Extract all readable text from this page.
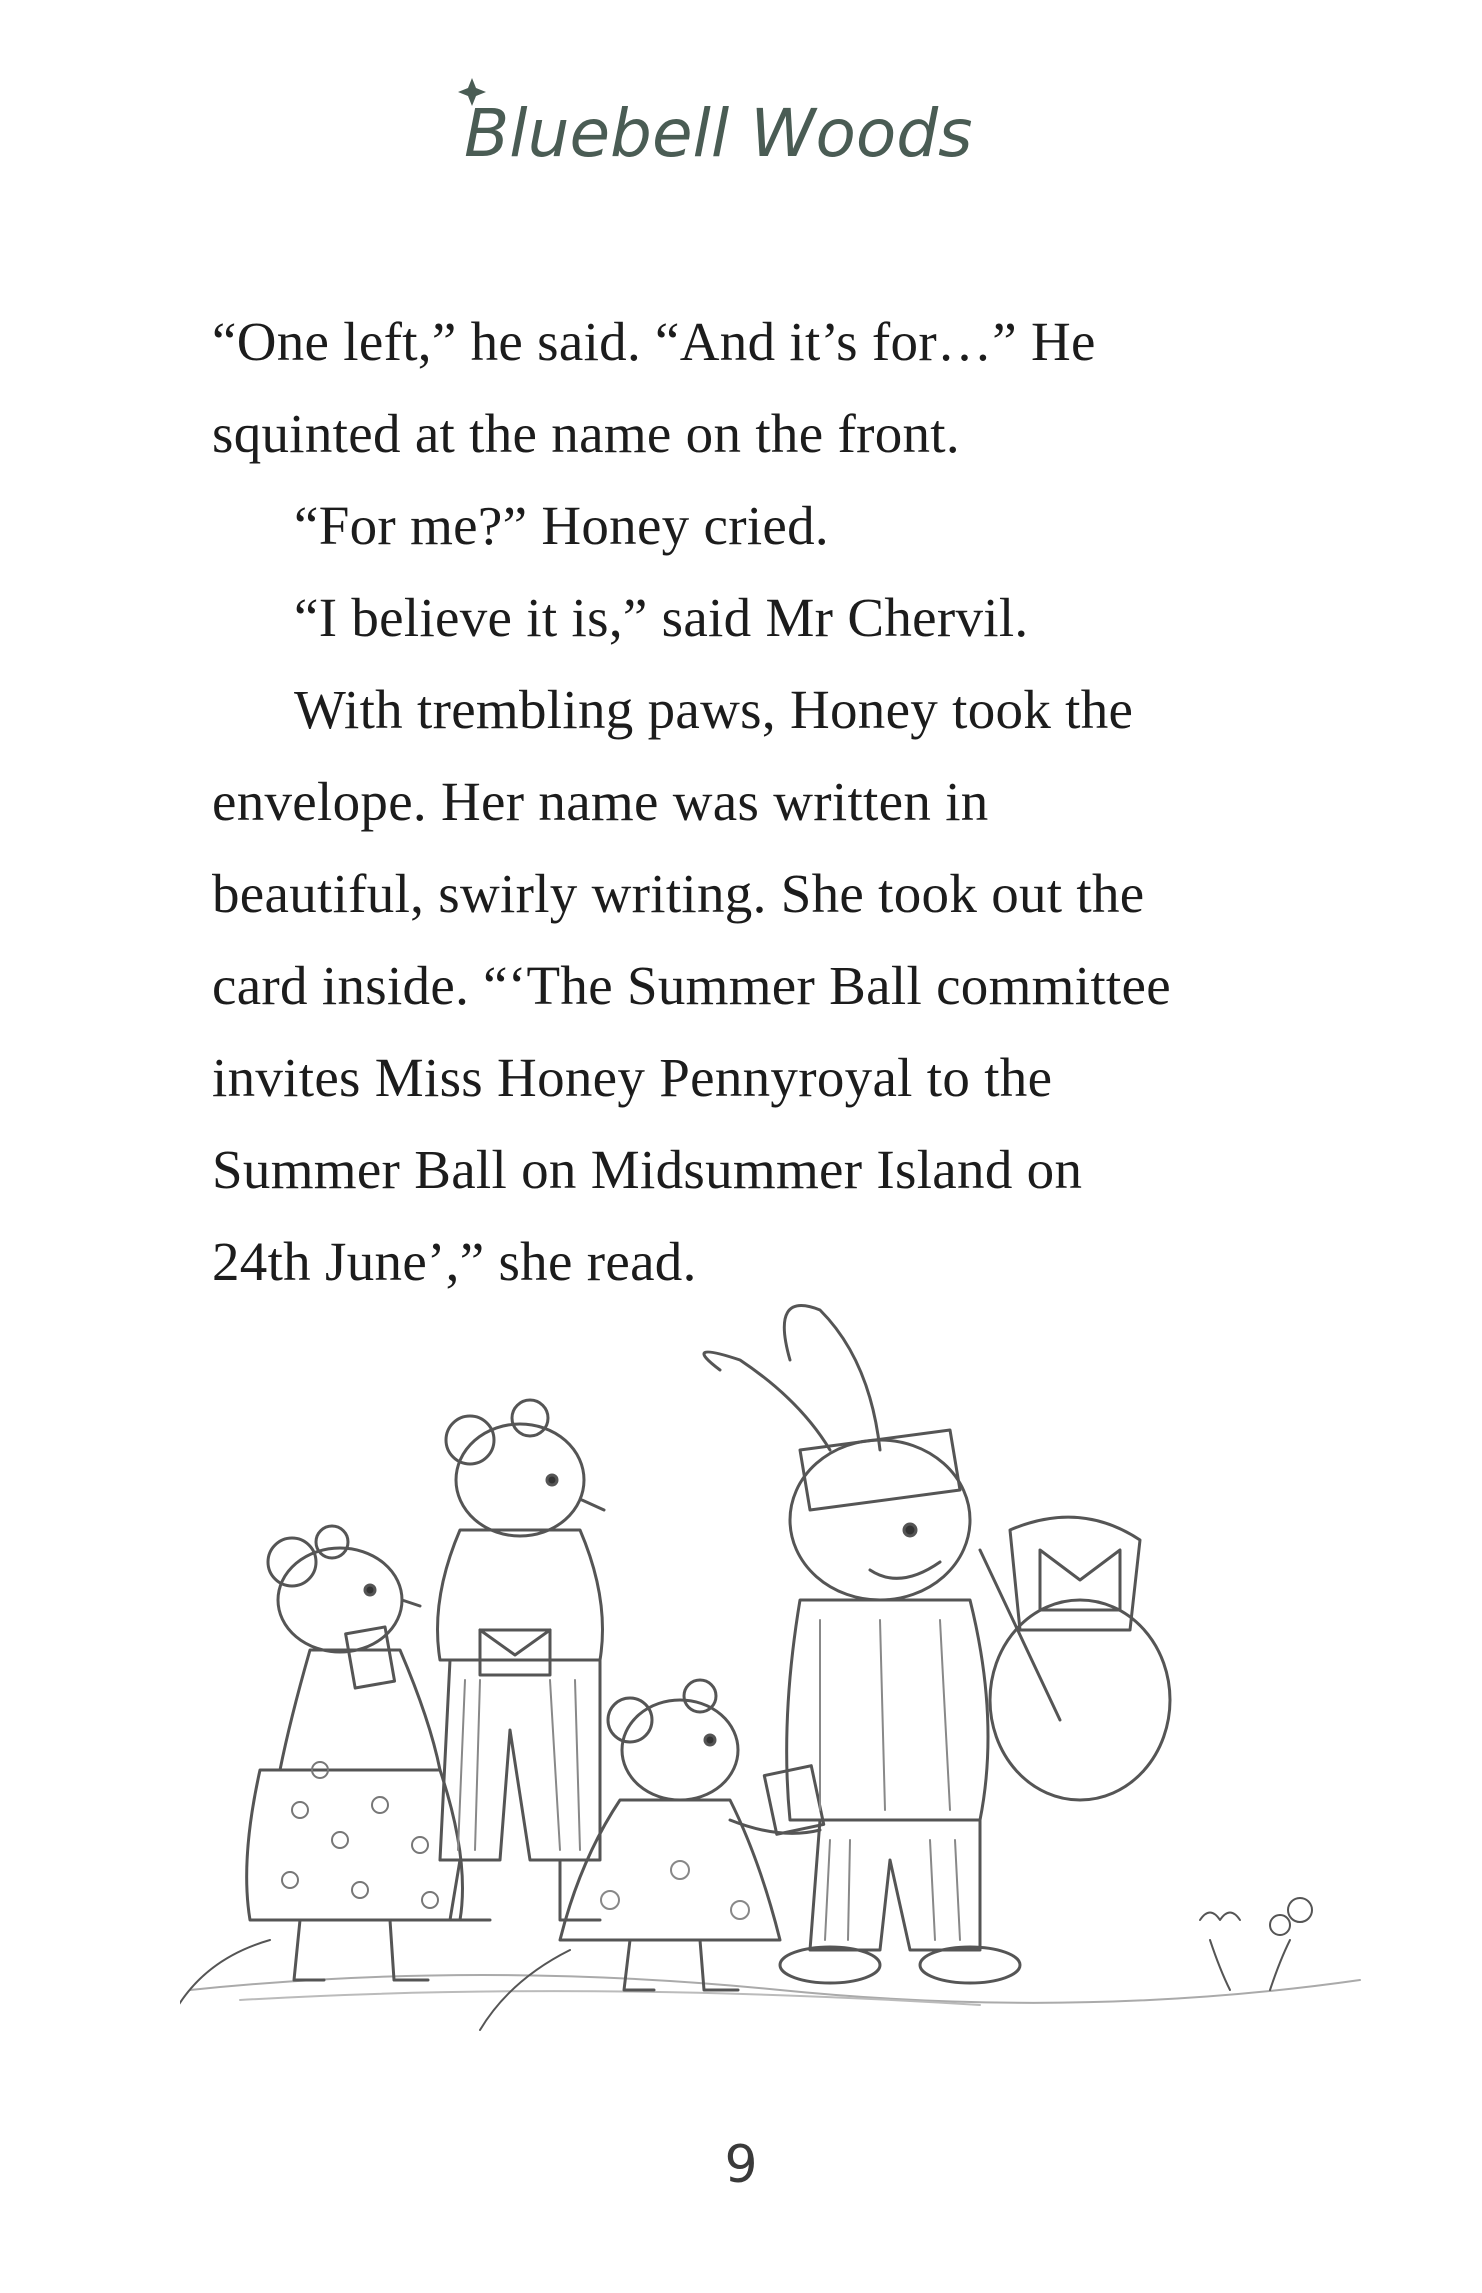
Bluebell Woods
“One left,” he said. “And it’s for…” He
squinted at the name on the front.
“For me?” Honey cried.
“I believe it is,” said Mr Chervil.
With trembling paws, Honey took the
envelope. Her name was written in
beautiful, swirly writing. She took out the
card inside. “‘The Summer Ball committee
invites Miss Honey Pennyroyal to the
Summer Ball on Midsummer Island on
24th June’,” she read.
9
